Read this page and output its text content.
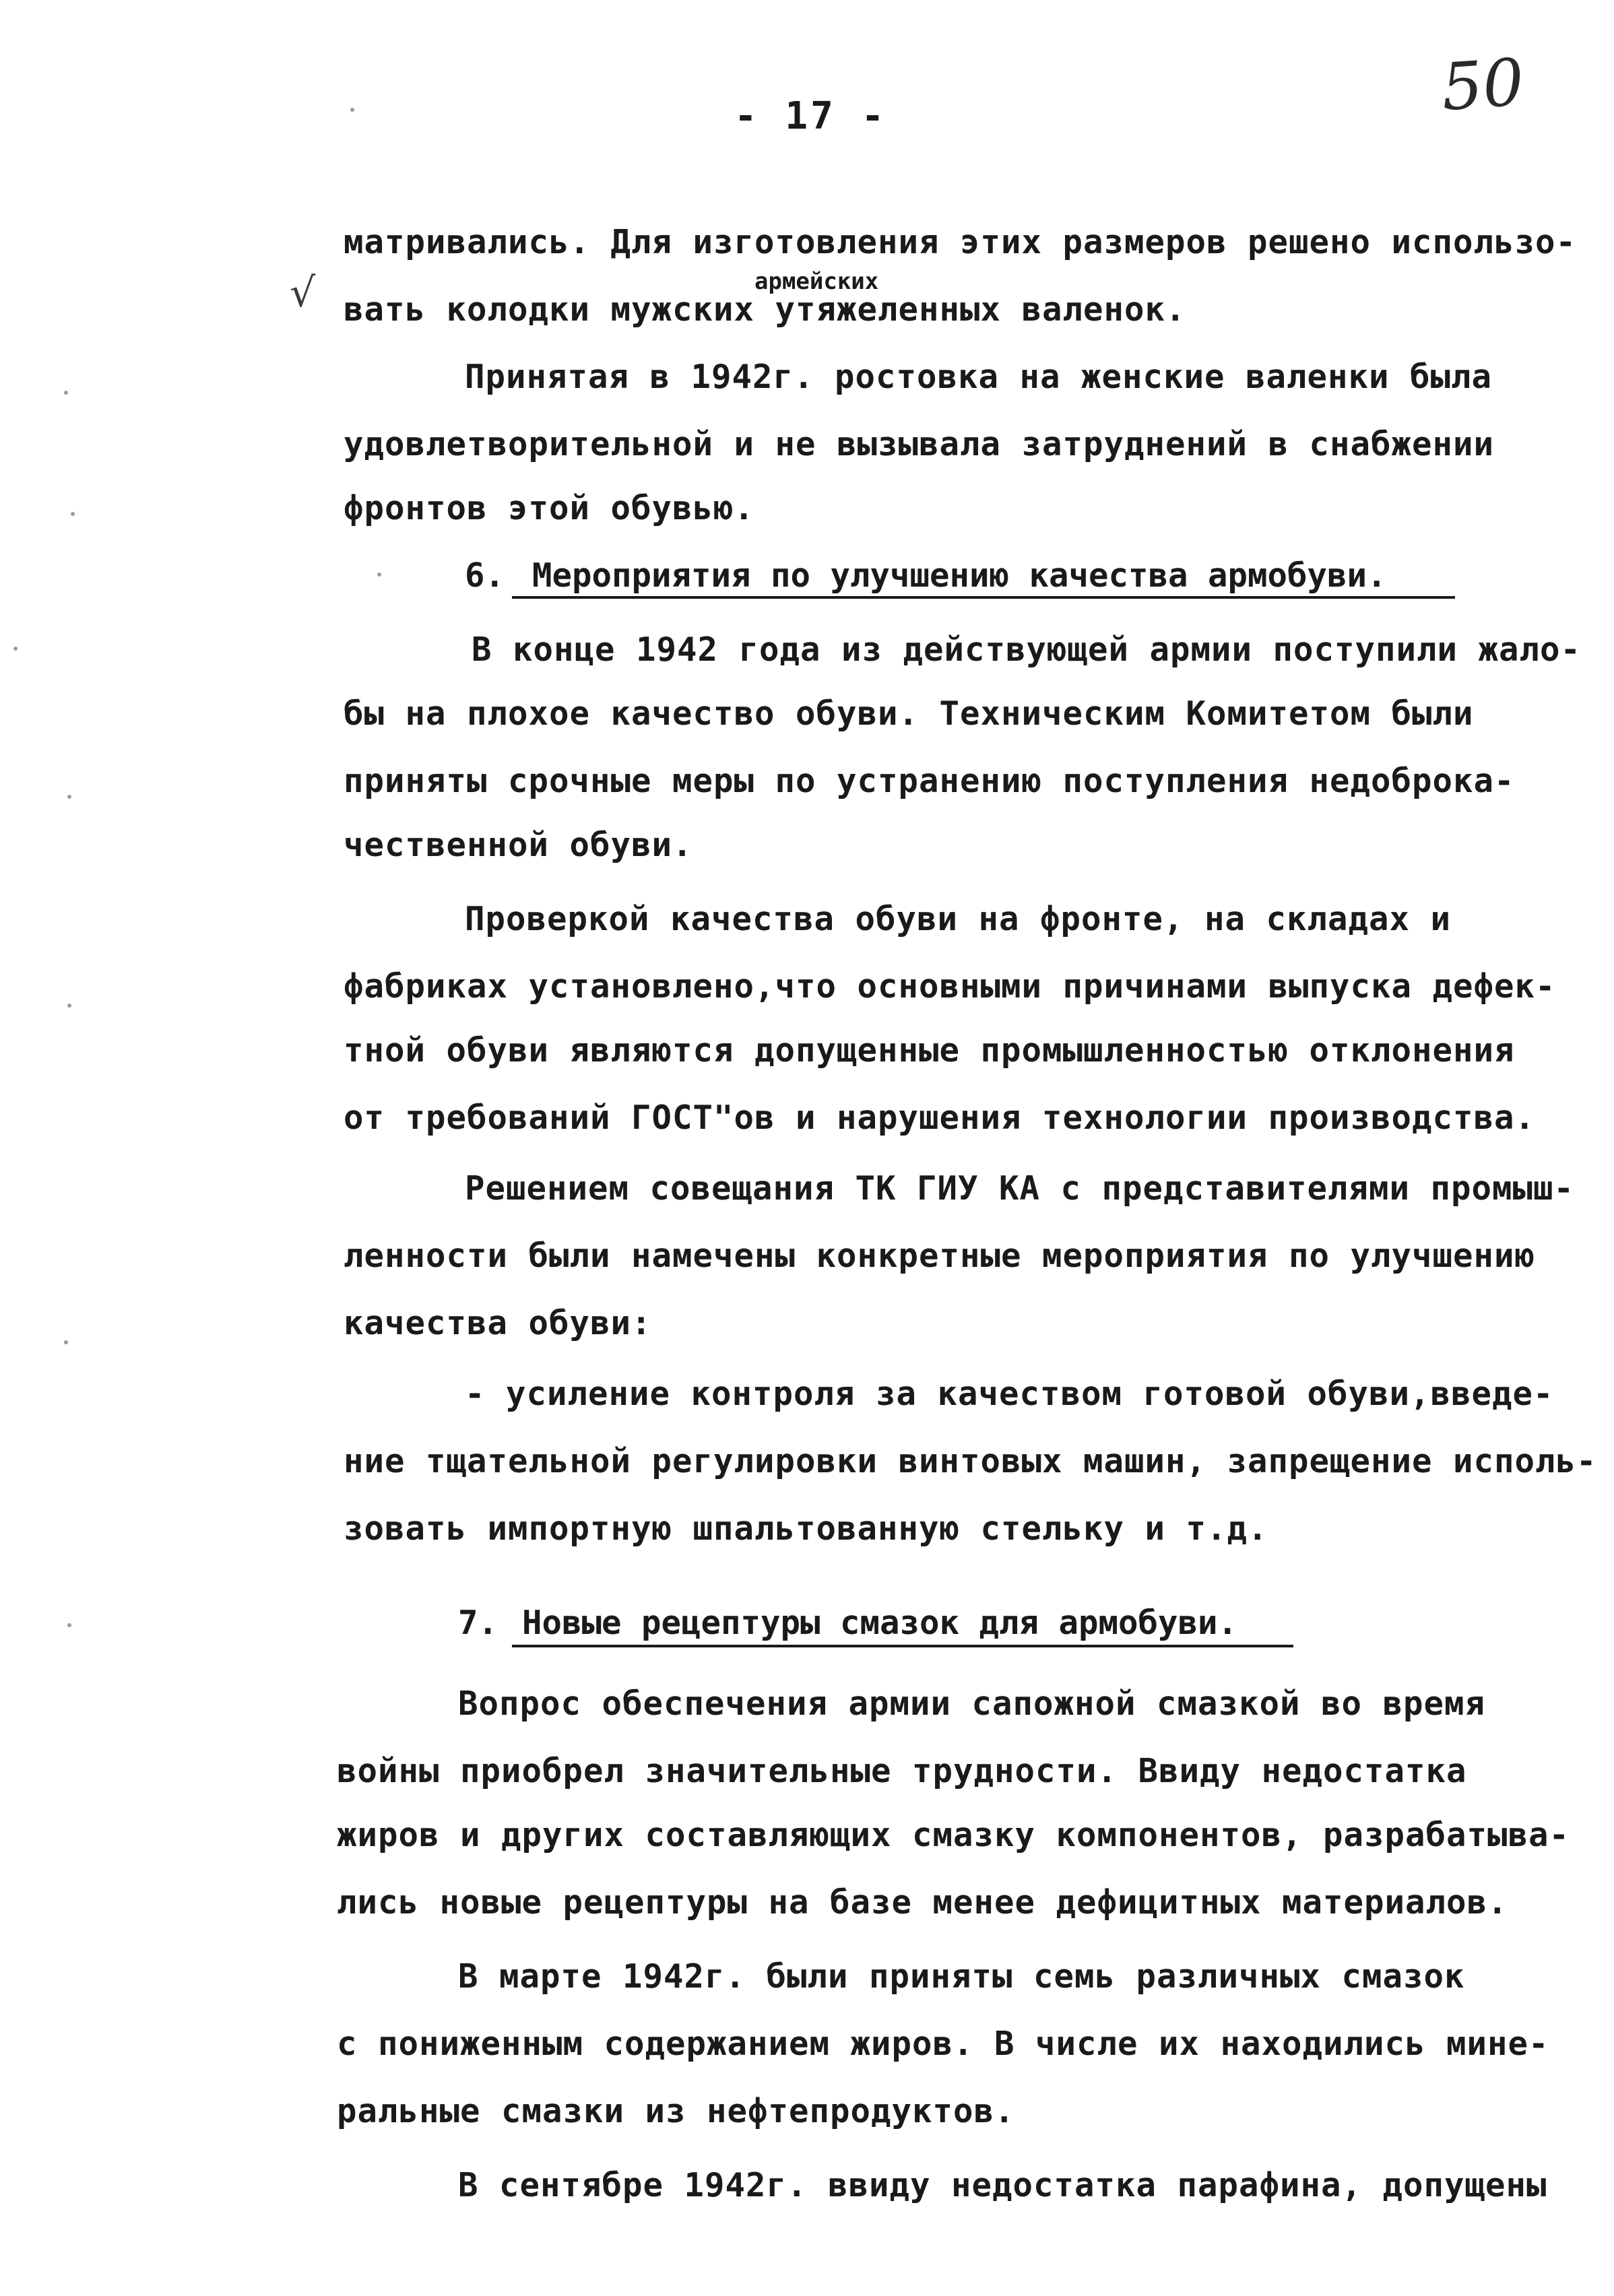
50
- 17 -
√	армейских
матривались. Для изготовления этих размеров решено использо-
вать колодки мужских утяжеленных валенок.
Принятая в 1942г. ростовка на женские валенки была
удовлетворительной и не вызывала затруднений в снабжении
фронтов этой обувью.
6. Мероприятия по улучшению качества армобуви.
В конце 1942 года из действующей армии поступили жало-
бы на плохое качество обуви. Техническим Комитетом были
приняты срочные меры по устранению поступления недоброка-
чественной обуви.
Проверкой качества обуви на фронте, на складах и
фабриках установлено,что основными причинами выпуска дефек-
тной обуви являются допущенные промышленностью отклонения
от требований ГОСТ"ов и нарушения технологии производства.
Решением совещания ТК ГИУ КА с представителями промыш-
ленности были намечены конкретные мероприятия по улучшению
качества обуви:
- усиление контроля за качеством готовой обуви,введе-
ние тщательной регулировки винтовых машин, запрещение исполь-
зовать импортную шпальтованную стельку и т.д.
7. Новые рецептуры смазок для армобуви.
Вопрос обеспечения армии сапожной смазкой во время
войны приобрел значительные трудности. Ввиду недостатка
жиров и других составляющих смазку компонентов, разрабатыва-
лись новые рецептуры на базе менее дефицитных материалов.
В марте 1942г. были приняты семь различных смазок
с пониженным содержанием жиров. В числе их находились мине-
ральные смазки из нефтепродуктов.
В сентябре 1942г. ввиду недостатка парафина, допущены
